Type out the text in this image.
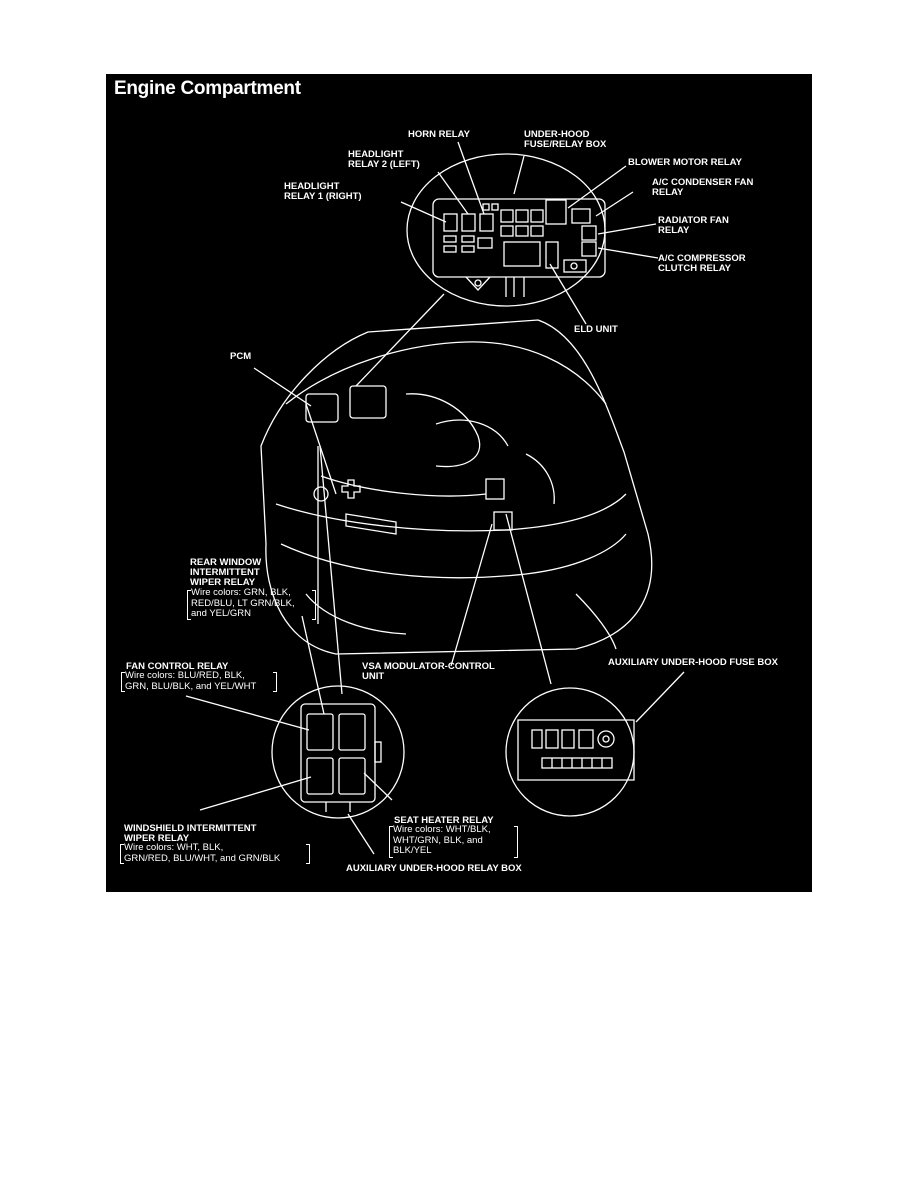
Engine Compartment
HORN RELAY	UNDER-HOOD
FUSE/RELAY BOX
HEADLIGHT
RELAY 2 (LEFT)	BLOWER MOTOR RELAY
HEADLIGHT
RELAY 1 (RIGHT)
A/C CONDENSER FAN
RELAY
RADIATOR FAN
RELAY
A/C COMPRESSOR
CLUTCH RELAY
ELD UNIT
PCM
REAR WINDOW
INTERMITTENT
WIPER RELAY
Wire colors: GRN, BLK,
RED/BLU, LT GRN/BLK,
and YEL/GRN
FAN CONTROL RELAY
Wire colors: BLU/RED, BLK,
GRN, BLU/BLK, and YEL/WHT
VSA MODULATOR-CONTROL
UNIT
AUXILIARY UNDER-HOOD FUSE BOX
WINDSHIELD INTERMITTENT
WIPER RELAY
Wire colors: WHT, BLK,
GRN/RED, BLU/WHT, and GRN/BLK
SEAT HEATER RELAY
Wire colors: WHT/BLK,
WHT/GRN, BLK, and
BLK/YEL
AUXILIARY UNDER-HOOD RELAY BOX
